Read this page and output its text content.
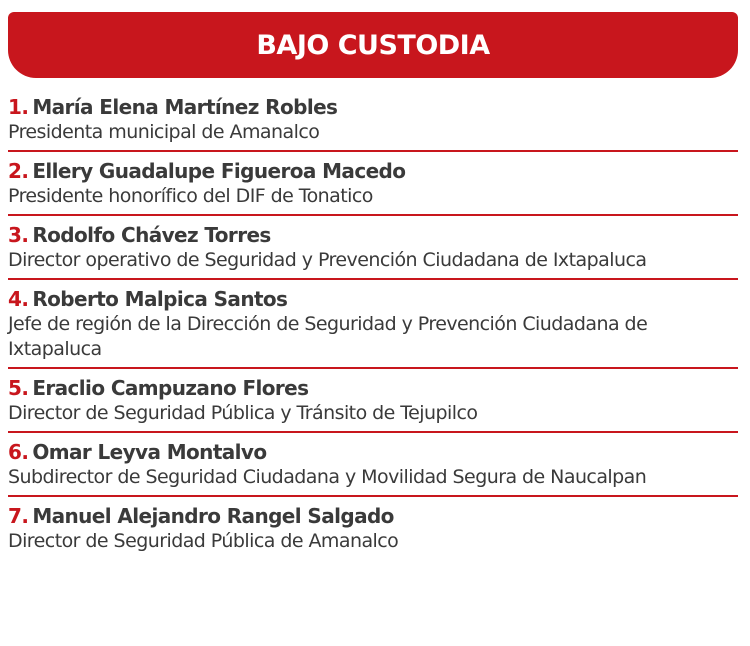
BAJO CUSTODIA
1. María Elena Martínez Robles
Presidenta municipal de Amanalco
2. Ellery Guadalupe Figueroa Macedo
Presidente honorífico del DIF de Tonatico
3. Rodolfo Chávez Torres
Director operativo de Seguridad y Prevención Ciudadana de Ixtapaluca
4. Roberto Malpica Santos
Jefe de región de la Dirección de Seguridad y Prevención Ciudadana de Ixtapaluca
5. Eraclio Campuzano Flores
Director de Seguridad Pública y Tránsito de Tejupilco
6. Omar Leyva Montalvo
Subdirector de Seguridad Ciudadana y Movilidad Segura de Naucalpan
7. Manuel Alejandro Rangel Salgado
Director de Seguridad Pública de Amanalco
